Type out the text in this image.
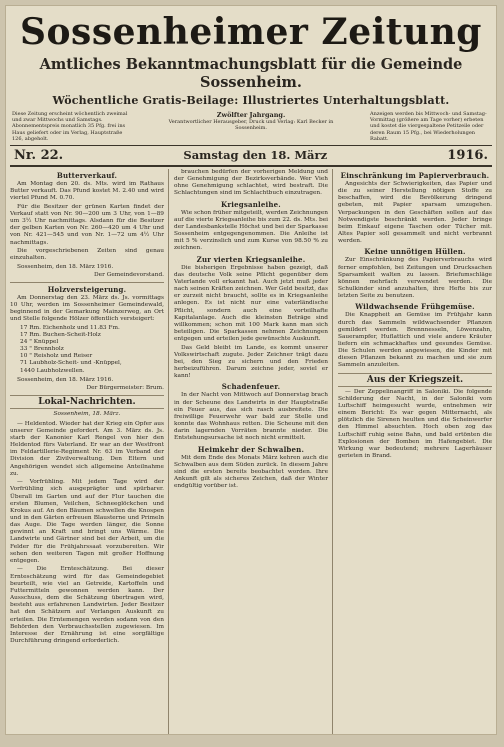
Sossenheimer Zeitung
Amtliches Bekanntmachungsblatt für die Gemeinde Sossenheim.
Wöchentliche Gratis-Beilage: Illustriertes Unterhaltungsblatt.
Diese Zeitung erscheint wöchentlich zweimal und zwar Mittwochs und Samstags. Abonnementspreis monatlich 35 Pfg. frei ins Haus geliefert oder im Verlag, Hauptstraße 126, abgeholt.
Zwölfter Jahrgang.
Verantwortlicher Herausgeber, Druck und Verlag: Karl Becker in Sossenheim.
Anzeigen werden bis Mittwoch- und Samstag-Vormittag (größere am Tage vorher) erbeten und kostet die viergespaltene Petitzeile oder deren Raum 15 Pfg., bei Wiederholungen Rabatt.
Nr. 22.	Samstag den 18. März	1916.
Butterverkauf.

Am Montag den 20. ds. Mts. wird im Rathaus Butter verkauft. Das Pfund kostet M. 2.40 und wird viertel Pfund M. 0.70.

Für die Besitzer der grünen Karten findet der Verkauf statt von Nr. 90—200 um 3 Uhr, von 1—89 um 3½ Uhr nachmittags. Alsdann für die Besitzer der gelben Karten von Nr. 260—420 um 4 Uhr und von Nr. 421—545 und von Nr. 1—72 um 4½ Uhr nachmittags.

Die vorgeschriebenen Zeiten sind genau einzuhalten.

Sossenheim, den 18. März 1916.

Der Gemeindevorstand.
Holzversteigerung.

Am Donnerstag den 23. März ds. Js. vormittags 10 Uhr, werden im Sossenheimer Gemeindewald, beginnend in der Gemarkung Mainzerweg, an Ort und Stelle folgende Hölzer öffentlich versteigert:

17 Rm. Eichenholz und 11.83 Fm.
17 Rm. Buchen-Scheit-Holz
24 " Knüppel
33 " Brennholz
10 " Reisholz und Reiser
71 Laubholz-Scheit- und -Knüppel,
1440 Laubholzwellen.

Sossenheim, den 18. März 1916.

Der Bürgermeister: Brum.
Lokal-Nachrichten.
Sossenheim, 18. März.

— Heldentod. Wieder hat der Krieg ein Opfer aus unserer Gemeinde gefordert. Am 3. März ds. Js. starb der Kanonier Karl Rengel von hier den Heldentod fürs Vaterland. Er war an der Westfront im Feldartillerie-Regiment Nr. 63 im Verband der Division der Zivilverwaltung. Den Eltern und Angehörigen wendet sich allgemeine Anteilnahme zu.

— Vorfrühling. Mit jedem Tage wird der Vorfrühling sich ausgeprägter und spürbarer. Überall im Garten und auf der Flur tauchen die ersten Blumen, Veilchen, Schneeglöckchen und Krokus auf. An den Bäumen schwellen die Knospen und in den Gärten erfreuen Blausterne und Primeln das Auge. Die Tage werden länger, die Sonne gewinnt an Kraft und bringt uns Wärme. Die Landwirte und Gärtner sind bei der Arbeit, um die Felder für die Frühjahrssaat vorzubereiten. Wir sehen den weiteren Tagen mit großer Hoffnung entgegen.

— Die Ernteschätzung. Bei dieser Ernteschätzung wird für das Gemeindegebiet beurteilt, wie viel an Getreide, Kartoffeln und Futtermitteln gewonnen werden kann. Der Ausschuss, dem die Schätzung übertragen wird, besteht aus erfahrenen Landwirten. Jeder Besitzer hat den Schätzern auf Verlangen Auskunft zu erteilen. Die Erntemengen werden sodann von den Behörden den Verbrauchsstellen zugewiesen. Im Interesse der Ernährung ist eine sorgfältige Durchführung dringend erforderlich.

brauchen bedürfen der vorherigen Meldung und der Genehmigung der Bezirksverbände. Wer Vieh ohne Genehmigung schlachtet, wird bestraft. Die Schlachtungen sind im Schlachtbuch einzutragen.

Kriegsanleihe.

Wie schon früher mitgeteilt, werden Zeichnungen auf die vierte Kriegsanleihe bis zum 22. ds. Mts. bei der Landesbankstelle Höchst und bei der Sparkasse Sossenheim entgegengenommen. Die Anleihe ist mit 5 % verzinslich und zum Kurse von 98.50 % zu zeichnen.

Zur vierten Kriegsanleihe.

Die bisherigen Ergebnisse haben gezeigt, daß das deutsche Volk seine Pflicht gegenüber dem Vaterlande voll erkannt hat. Auch jetzt muß jeder nach seinen Kräften zeichnen. Wer Geld besitzt, das er zurzeit nicht braucht, sollte es in Kriegsanleihe anlegen. Es ist nicht nur eine vaterländische Pflicht, sondern auch eine vorteilhafte Kapitalanlage. Auch die kleinsten Beträge sind willkommen; schon mit 100 Mark kann man sich beteiligen. Die Sparkassen nehmen Zeichnungen entgegen und erteilen jede gewünschte Auskunft.

Das Geld bleibt im Lande, es kommt unserer Volkswirtschaft zugute. Jeder Zeichner trägt dazu bei, den Sieg zu sichern und den Frieden herbeizuführen. Darum zeichne jeder, soviel er kann!

Schadenfeuer.

In der Nacht von Mittwoch auf Donnerstag brach in der Scheune des Landwirts in der Hauptstraße ein Feuer aus, das sich rasch ausbreitete. Die freiwillige Feuerwehr war bald zur Stelle und konnte das Wohnhaus retten. Die Scheune mit den darin lagernden Vorräten brannte nieder. Die Entstehungsursache ist noch nicht ermittelt.

Heimkehr der Schwalben.

Mit dem Ende des Monats März kehren auch die Schwalben aus dem Süden zurück. In diesem Jahre sind die ersten bereits beobachtet worden. Ihre Ankunft gilt als sicheres Zeichen, daß der Winter endgültig vorüber ist.

Einschränkung im Papierverbrauch.

Angesichts der Schwierigkeiten, das Papier und die zu seiner Herstellung nötigen Stoffe zu beschaffen, wird die Bevölkerung dringend gebeten, mit Papier sparsam umzugehen. Verpackungen in den Geschäften sollen auf das Notwendigste beschränkt werden. Jeder bringe beim Einkauf eigene Taschen oder Tücher mit. Altes Papier soll gesammelt und nicht verbrannt werden.

Keine unnötigen Hüllen.

Zur Einschränkung des Papierverbrauchs wird ferner empfohlen, bei Zeitungen und Drucksachen Sparsamkeit walten zu lassen. Briefumschläge können mehrfach verwendet werden. Die Schulkinder sind anzuhalten, ihre Hefte bis zur letzten Seite zu benutzen.

Wildwachsende Frühgemüse.

Die Knappheit an Gemüse im Frühjahr kann durch das Sammeln wildwachsender Pflanzen gemildert werden. Brennnesseln, Löwenzahn, Sauerampfer, Huflattich und viele andere Kräuter liefern ein schmackhaftes und gesundes Gemüse. Die Schulen werden angewiesen, die Kinder mit diesen Pflanzen bekannt zu machen und sie zum Sammeln anzuleiten.

Aus der Kriegszeit.

— Der Zeppelinangriff in Saloniki. Die folgende Schilderung der Nacht, in der Saloniki vom Luftschiff heimgesucht wurde, entnehmen wir einem Bericht: Es war gegen Mitternacht, als plötzlich die Sirenen heulten und die Scheinwerfer den Himmel absuchten. Hoch oben zog das Luftschiff ruhig seine Bahn, und bald ertönten die Explosionen der Bomben im Hafengebiet. Die Wirkung war bedeutend; mehrere Lagerhäuser gerieten in Brand.
